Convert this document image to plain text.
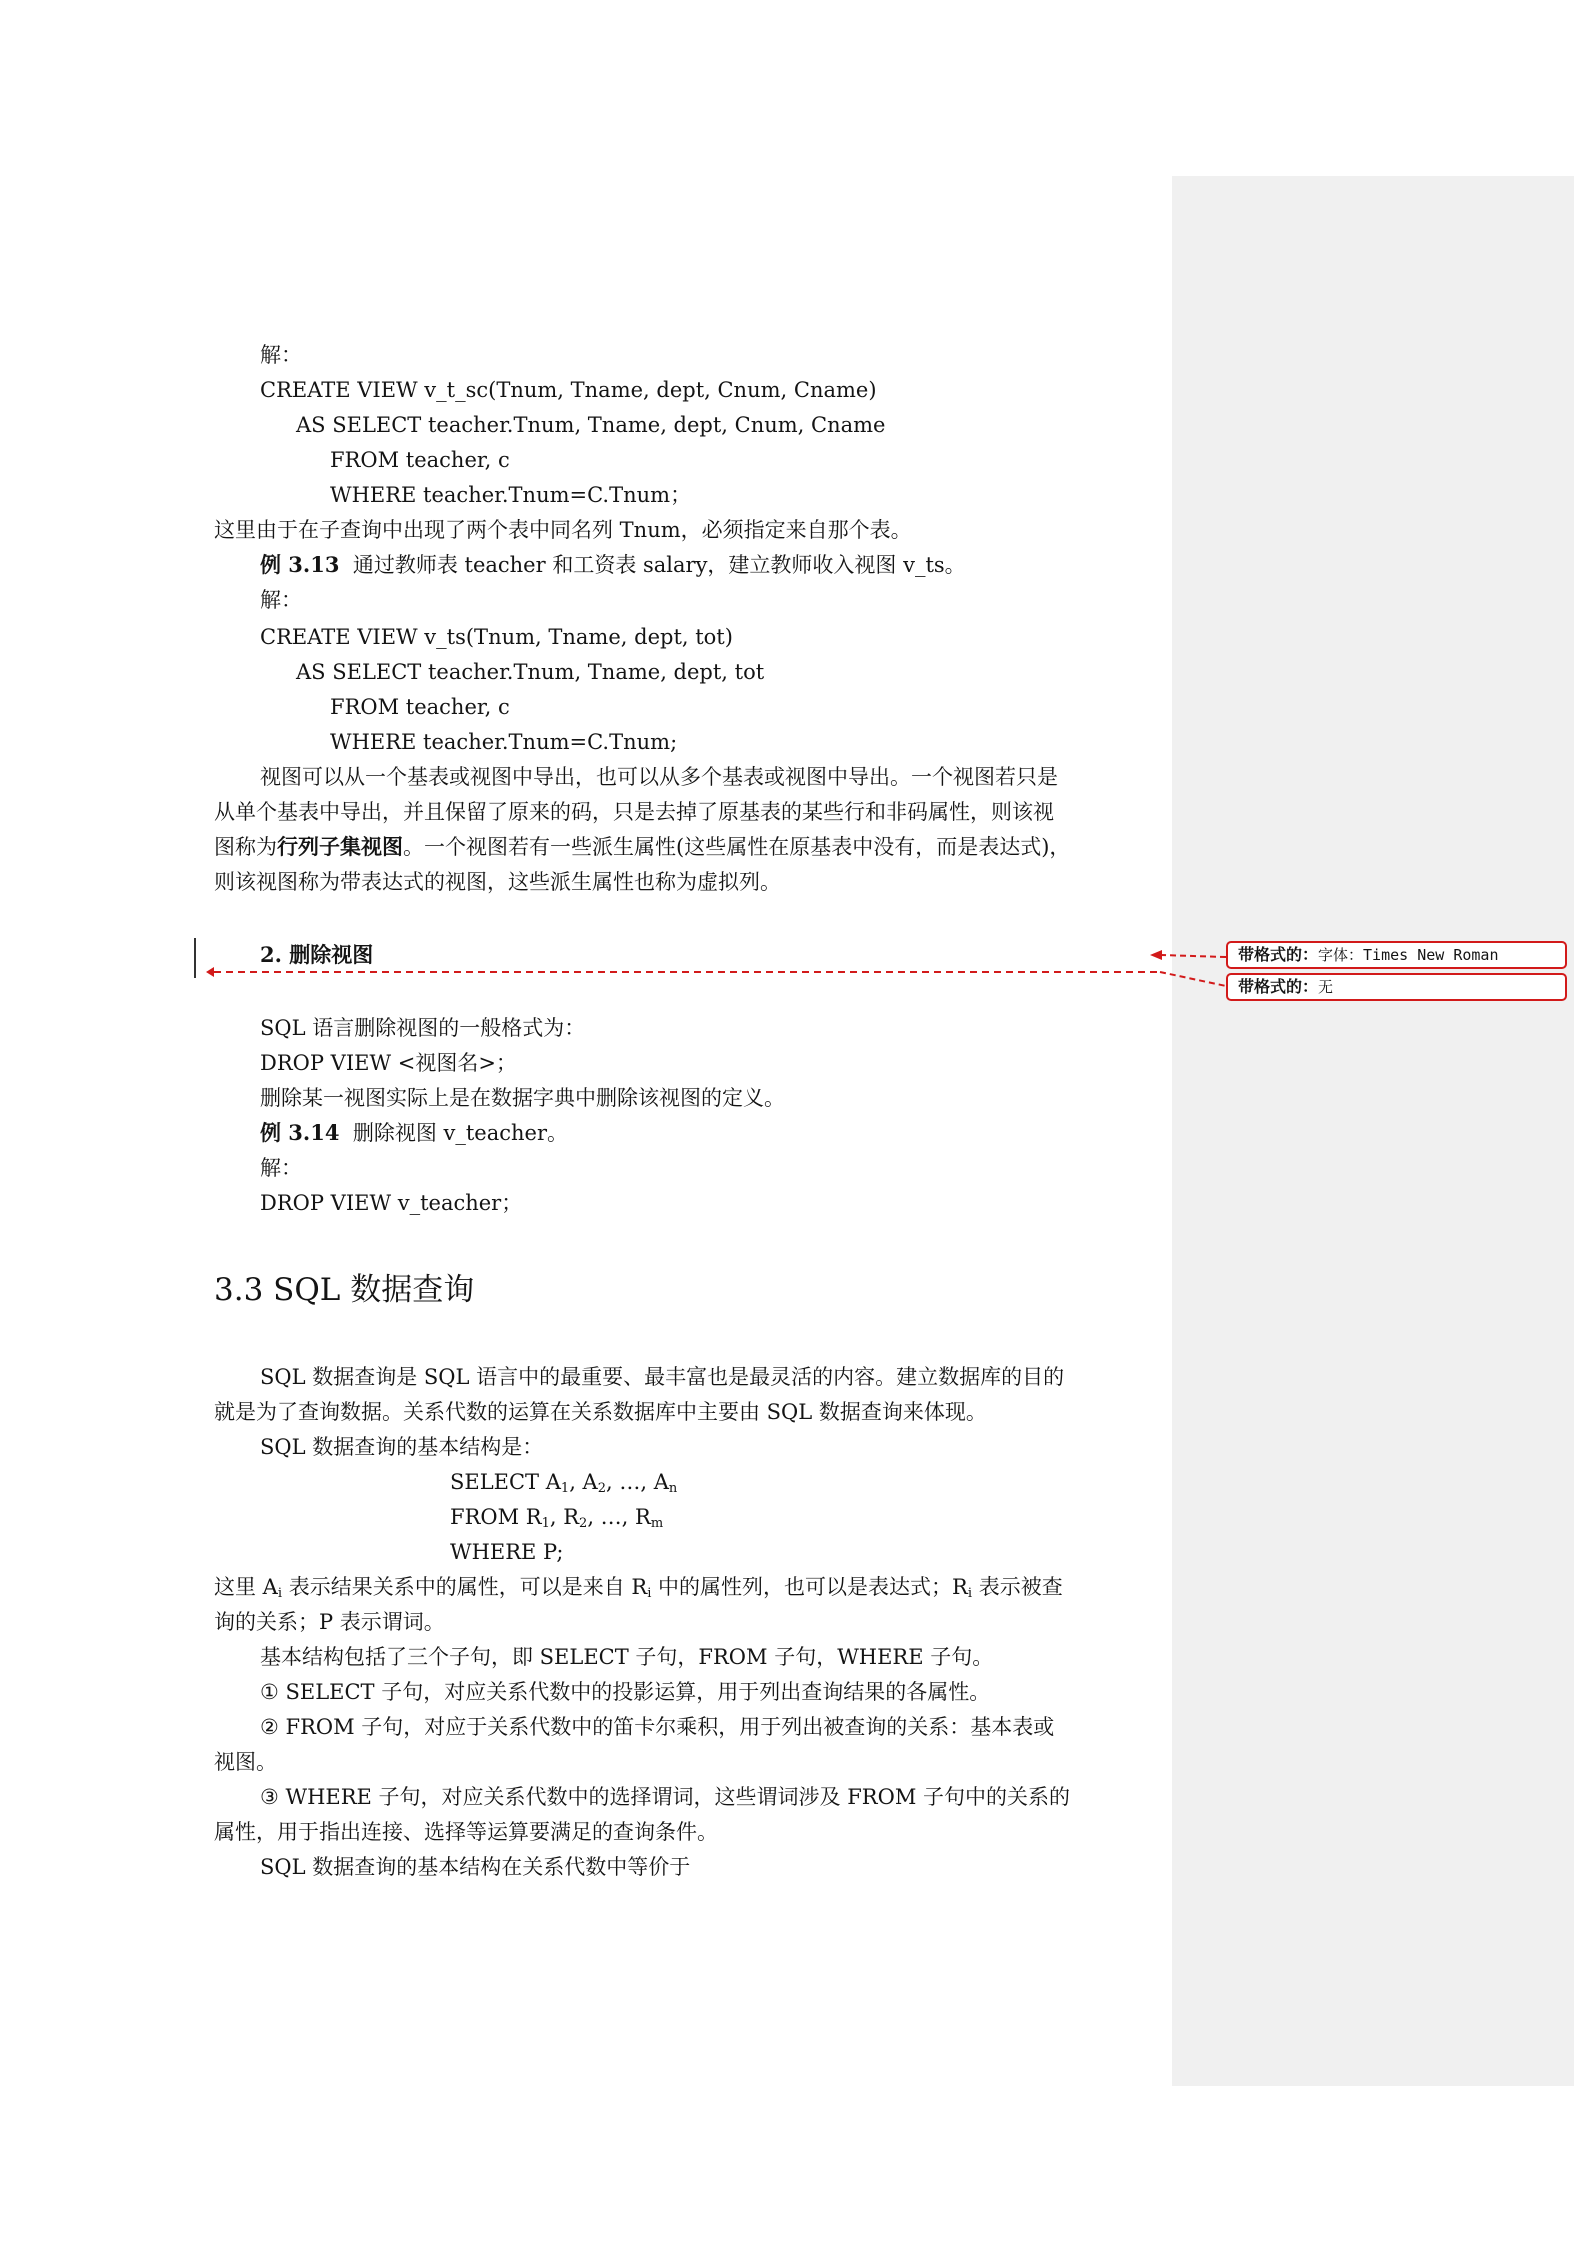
解：
CREATE VIEW v_t_sc(Tnum, Tname, dept, Cnum, Cname)
AS SELECT teacher.Tnum, Tname, dept, Cnum, Cname
FROM teacher, c
WHERE teacher.Tnum=C.Tnum；
这里由于在子查询中出现了两个表中同名列 Tnum，必须指定来自那个表。
例 3.13 通过教师表 teacher 和工资表 salary，建立教师收入视图 v_ts。
解：
CREATE VIEW v_ts(Tnum, Tname, dept, tot)
AS SELECT teacher.Tnum, Tname, dept, tot
FROM teacher, c
WHERE teacher.Tnum=C.Tnum;
视图可以从一个基表或视图中导出，也可以从多个基表或视图中导出。一个视图若只是
从单个基表中导出，并且保留了原来的码，只是去掉了原基表的某些行和非码属性，则该视
图称为行列子集视图。一个视图若有一些派生属性(这些属性在原基表中没有，而是表达式)，
则该视图称为带表达式的视图，这些派生属性也称为虚拟列。
2. 删除视图
SQL 语言删除视图的一般格式为：
DROP VIEW <视图名>；
删除某一视图实际上是在数据字典中删除该视图的定义。
例 3.14 删除视图 v_teacher。
解：
DROP VIEW v_teacher；
3.3 SQL 数据查询
SQL 数据查询是 SQL 语言中的最重要、最丰富也是最灵活的内容。建立数据库的目的
就是为了查询数据。关系代数的运算在关系数据库中主要由 SQL 数据查询来体现。
SQL 数据查询的基本结构是：
SELECT $A_1$, $A_2$, …, $A_n$
FROM $R_1$, $R_2$, …, $R_m$
WHERE P;
这里 $A_i$ 表示结果关系中的属性，可以是来自 $R_i$ 中的属性列，也可以是表达式；$R_i$ 表示被查
询的关系；P 表示谓词。
基本结构包括了三个子句，即 SELECT 子句，FROM 子句，WHERE 子句。
① SELECT 子句，对应关系代数中的投影运算，用于列出查询结果的各属性。
② FROM 子句，对应于关系代数中的笛卡尔乘积，用于列出被查询的关系：基本表或
视图。
③ WHERE 子句，对应关系代数中的选择谓词，这些谓词涉及 FROM 子句中的关系的
属性，用于指出连接、选择等运算要满足的查询条件。
SQL 数据查询的基本结构在关系代数中等价于
带格式的：字体：Times New Roman
带格式的：无
